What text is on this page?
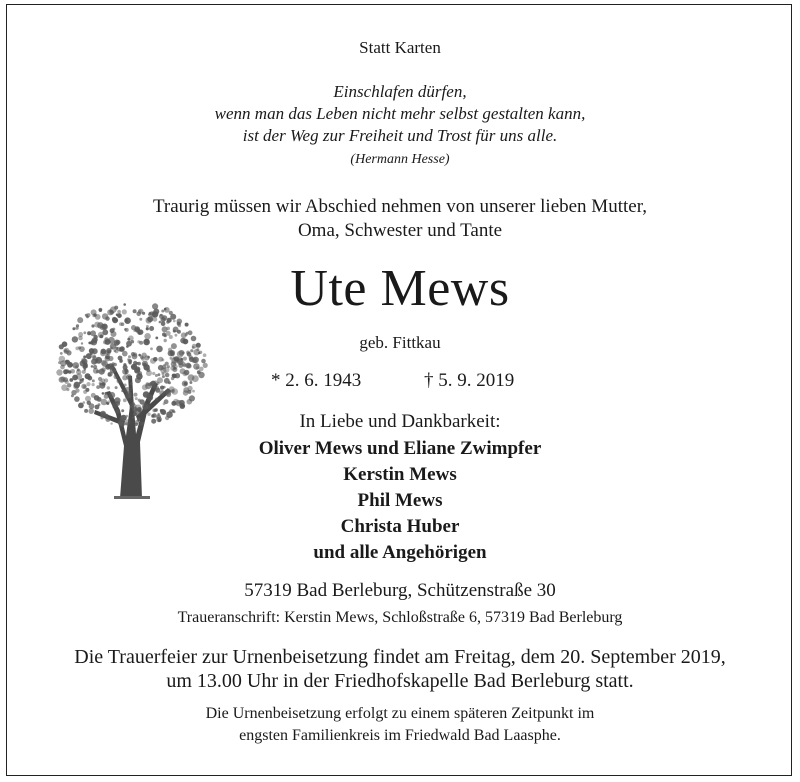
Statt Karten
Einschlafen dürfen,
wenn man das Leben nicht mehr selbst gestalten kann,
ist der Weg zur Freiheit und Trost für uns alle.
(Hermann Hesse)
Traurig müssen wir Abschied nehmen von unserer lieben Mutter,
Oma, Schwester und Tante
Ute Mews
geb. Fittkau
* 2. 6. 1943	† 5. 9. 2019
In Liebe und Dankbarkeit:
Oliver Mews und Eliane Zwimpfer
Kerstin Mews
Phil Mews
Christa Huber
und alle Angehörigen
57319 Bad Berleburg, Schützenstraße 30
Traueranschrift: Kerstin Mews, Schloßstraße 6, 57319 Bad Berleburg
Die Trauerfeier zur Urnenbeisetzung findet am Freitag, dem 20. September 2019,
um 13.00 Uhr in der Friedhofskapelle Bad Berleburg statt.
Die Urnenbeisetzung erfolgt zu einem späteren Zeitpunkt im
engsten Familienkreis im Friedwald Bad Laasphe.
